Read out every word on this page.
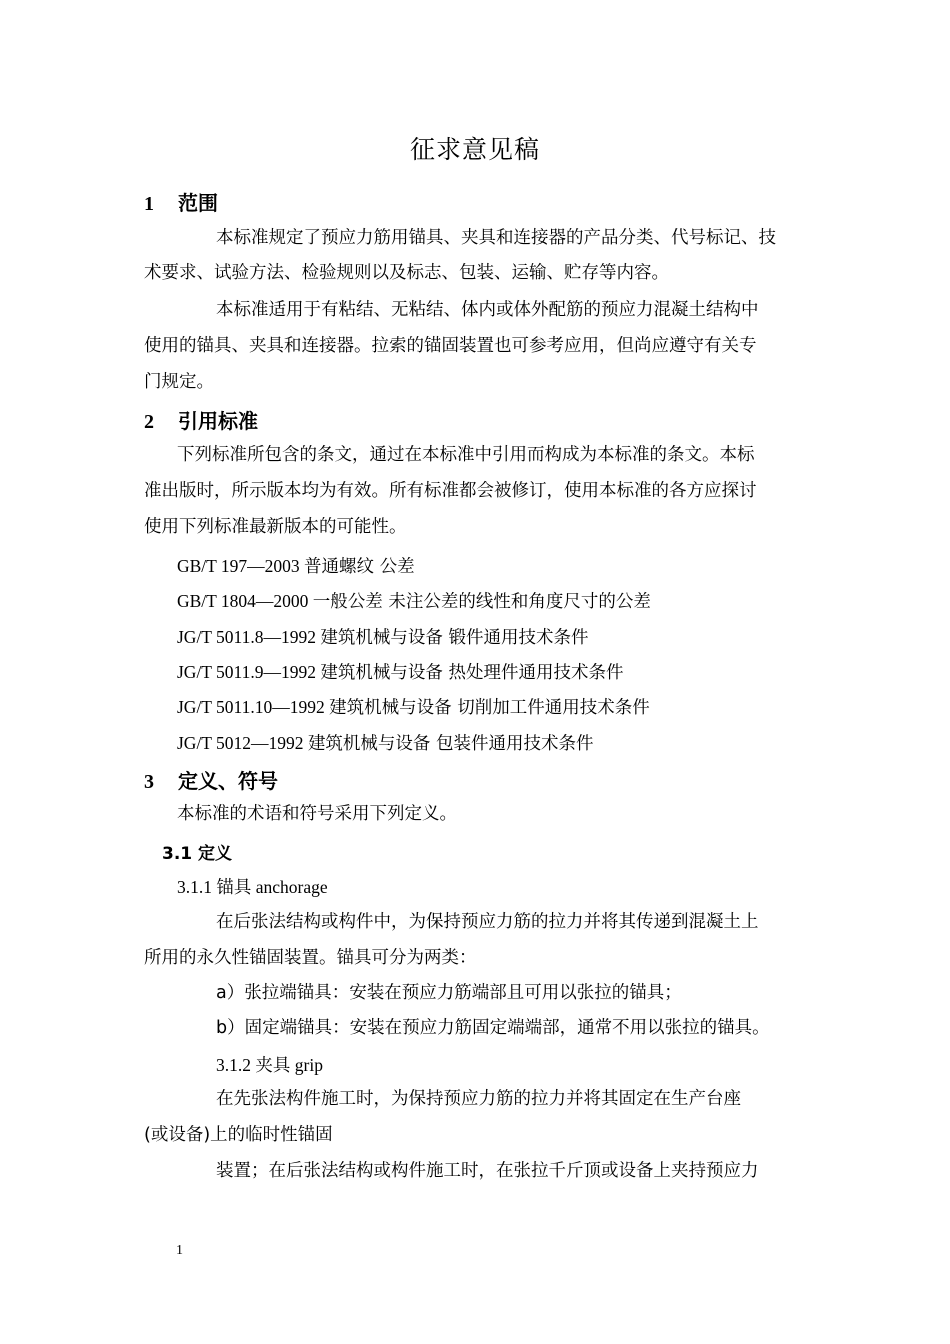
征求意见稿
1 范围
本标准规定了预应力筋用锚具、夹具和连接器的产品分类、代号标记、技
术要求、试验方法、检验规则以及标志、包装、运输、贮存等内容。
本标准适用于有粘结、无粘结、体内或体外配筋的预应力混凝土结构中
使用的锚具、夹具和连接器。拉索的锚固装置也可参考应用，但尚应遵守有关专
门规定。
2 引用标准
下列标准所包含的条文，通过在本标准中引用而构成为本标准的条文。本标
准出版时，所示版本均为有效。所有标准都会被修订，使用本标准的各方应探讨
使用下列标准最新版本的可能性。
GB/T 197—2003 普通螺纹 公差
GB/T 1804—2000 一般公差 未注公差的线性和角度尺寸的公差
JG/T 5011.8—1992 建筑机械与设备 锻件通用技术条件
JG/T 5011.9—1992 建筑机械与设备 热处理件通用技术条件
JG/T 5011.10—1992 建筑机械与设备 切削加工件通用技术条件
JG/T 5012—1992 建筑机械与设备 包装件通用技术条件
3 定义、符号
本标准的术语和符号采用下列定义。
3.1 定义
3.1.1 锚具 anchorage
在后张法结构或构件中，为保持预应力筋的拉力并将其传递到混凝土上
所用的永久性锚固装置。锚具可分为两类：
a）张拉端锚具：安装在预应力筋端部且可用以张拉的锚具；
b）固定端锚具：安装在预应力筋固定端端部，通常不用以张拉的锚具。
3.1.2 夹具 grip
在先张法构件施工时，为保持预应力筋的拉力并将其固定在生产台座
(或设备)上的临时性锚固
装置；在后张法结构或构件施工时，在张拉千斤顶或设备上夹持预应力
1
